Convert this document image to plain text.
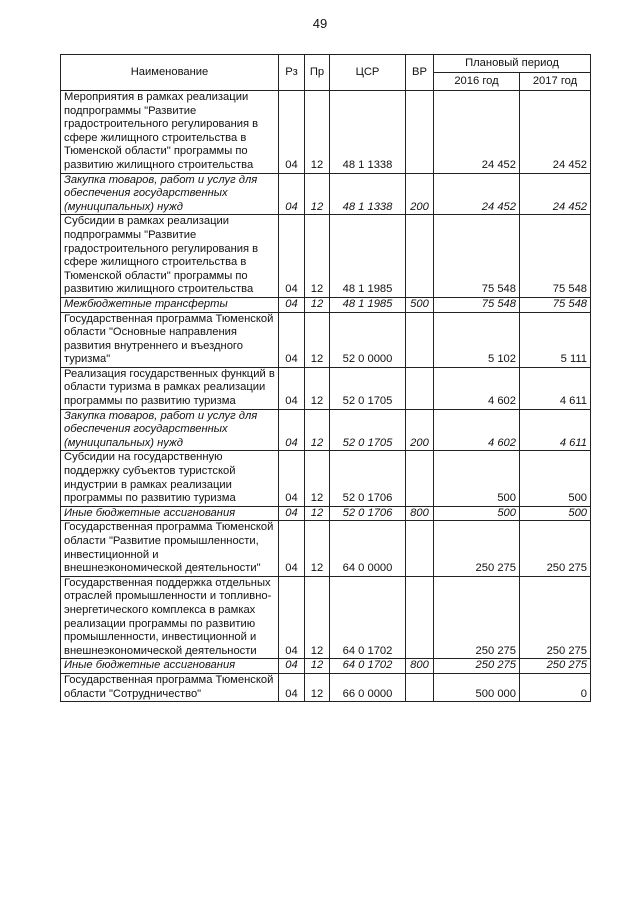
49
Наименование	Рз	Пр	ЦСР	ВР	Плановый период	
					2016 год	2017 год
Мероприятия в рамках реализации подпрограммы "Развитие градостроительного регулирования в сфере жилищного строительства в Тюменской области" программы по развитию жилищного строительства	04	12	48 1 1338		24 452	24 452
Закупка товаров, работ и услуг для обеспечения государственных (муниципальных) нужд	04	12	48 1 1338	200	24 452	24 452
Субсидии в рамках реализации подпрограммы "Развитие градостроительного регулирования в сфере жилищного строительства в Тюменской области" программы по развитию жилищного строительства	04	12	48 1 1985		75 548	75 548
Межбюджетные трансферты	04	12	48 1 1985	500	75 548	75 548
Государственная программа Тюменской области "Основные направления развития внутреннего и въездного туризма"	04	12	52 0 0000		5 102	5 111
Реализация государственных функций в области туризма в рамках реализации программы по развитию туризма	04	12	52 0 1705		4 602	4 611
Закупка товаров, работ и услуг для обеспечения государственных (муниципальных) нужд	04	12	52 0 1705	200	4 602	4 611
Субсидии на государственную поддержку субъектов туристской индустрии в рамках реализации программы по развитию туризма	04	12	52 0 1706		500	500
Иные бюджетные ассигнования	04	12	52 0 1706	800	500	500
Государственная программа Тюменской области "Развитие промышленности, инвестиционной и внешнеэкономической деятельности"	04	12	64 0 0000		250 275	250 275
Государственная поддержка отдельных отраслей промышленности и топливно-энергетического комплекса в рамках реализации программы по развитию промышленности, инвестиционной и внешнеэкономической деятельности	04	12	64 0 1702		250 275	250 275
Иные бюджетные ассигнования	04	12	64 0 1702	800	250 275	250 275
Государственная программа Тюменской области "Сотрудничество"	04	12	66 0 0000		500 000	0
